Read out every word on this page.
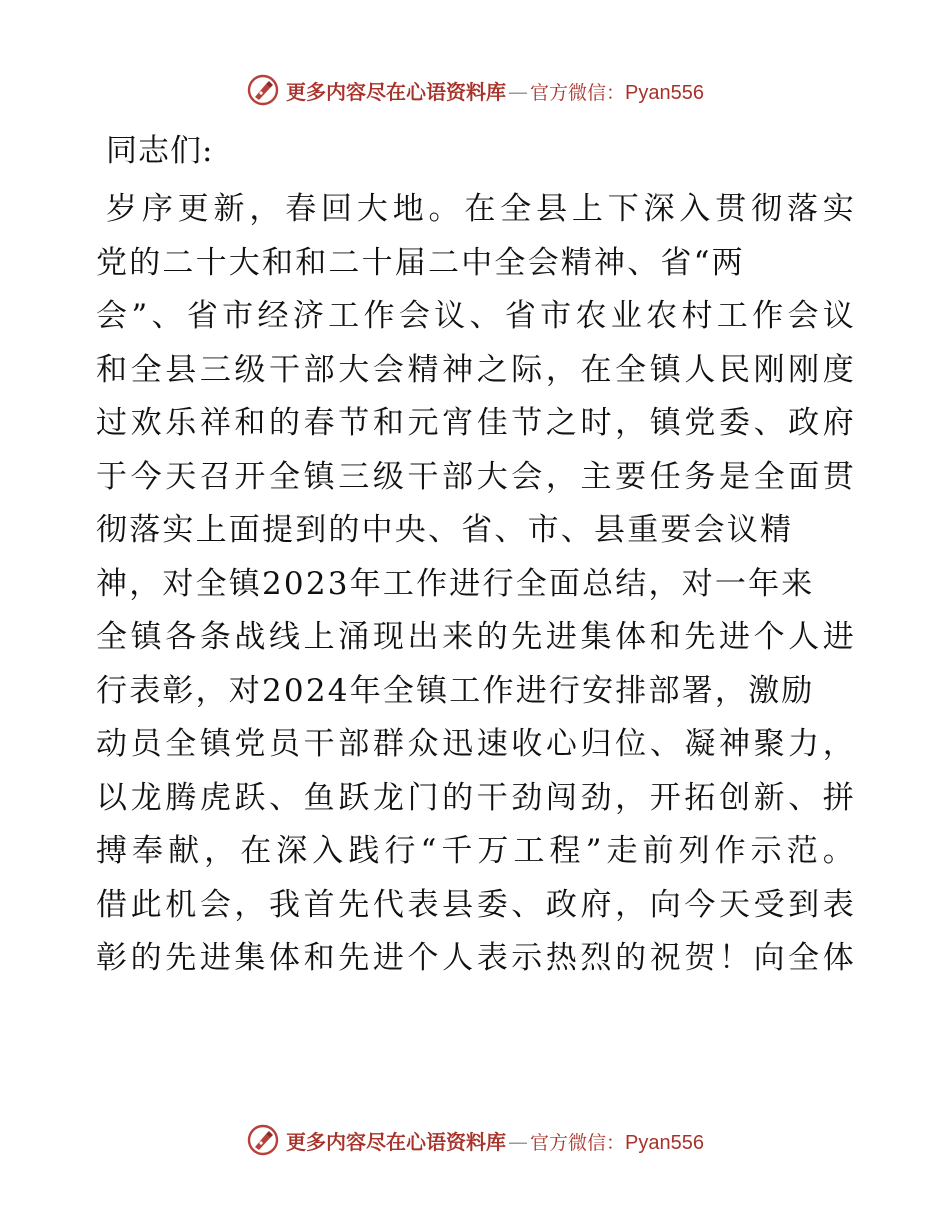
更多内容尽在心语资料库 — 官方微信： Pyan556
同志们:
岁序更新，春回大地。在全县上下深入贯彻落实
党的二十大和和二十届二中全会精神、省“两
会”、省市经济工作会议、省市农业农村工作会议
和全县三级干部大会精神之际，在全镇人民刚刚度
过欢乐祥和的春节和元宵佳节之时，镇党委、政府
于今天召开全镇三级干部大会，主要任务是全面贯
彻落实上面提到的中央、省、市、县重要会议精
神，对全镇2023年工作进行全面总结，对一年来
全镇各条战线上涌现出来的先进集体和先进个人进
行表彰，对2024年全镇工作进行安排部署，激励
动员全镇党员干部群众迅速收心归位、凝神聚力，
以龙腾虎跃、鱼跃龙门的干劲闯劲，开拓创新、拼
搏奉献，在深入践行“千万工程”走前列作示范。
借此机会，我首先代表县委、政府，向今天受到表
彰的先进集体和先进个人表示热烈的祝贺！向全体
更多内容尽在心语资料库 — 官方微信： Pyan556
